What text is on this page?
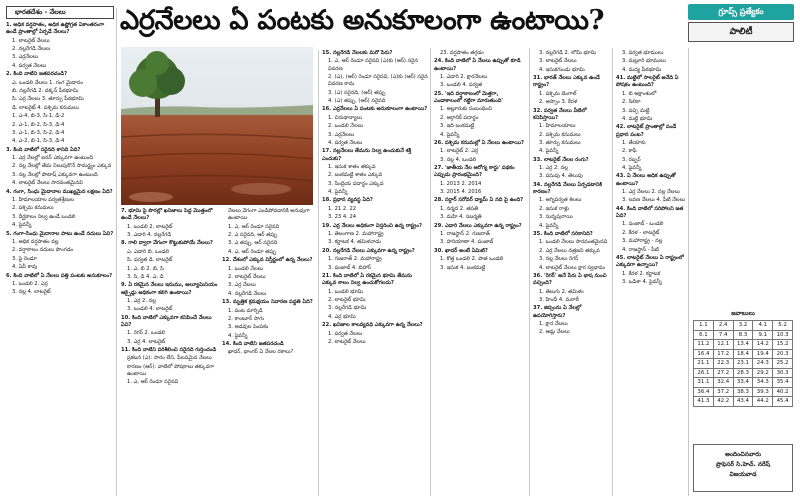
భారతదేశం - నేలలు	ఎర్రనేలలు ఏ పంటకు అనుకూలంగా ఉంటాయి?	గ్రూప్స్ ప్రత్యేకం
పాలిటీ

1. అధిక వర్షపాతం, అధిక ఉష్ణోగ్రత ఏకాంతరంగా ఉండే ప్రాంతాల్లో ఏర్పడే నేలలు?

1. లాటరైట్ నేలలు

2. నల్లరేగడి నేలలు

3. ఎర్రనేలలు

4. పర్వత నేలలు

2. కింది వాటిని జతపరచండి?

ఎ. ఒండలి నేలలు 1. గంగ మైదానం

బి. నల్లరేగడి 2. దక్కన్ పీఠభూమి

సి. ఎర్ర నేలలు 3. తూర్పు పీఠభూమి

డి. లాటరైట్ 4. పశ్చిమ కనుమలు

1. ఎ-4, బి-3, సి-1, డి-2

2. ఎ-1, బి-2, సి-3, డి-4

3. ఎ-1, బి-3, సి-2, డి-4

4. ఎ-2, బి-1, సి-3, డి-4

3. కింది వాటిలో సరైనది కానిది ఏది?

1. ఎర్ర నేలల్లో ఐరన్ ఎక్కువగా ఉంటుంది

2. నల్ల నేలల్లో తేమ నిలుపుకొనే సామర్థ్యం ఎక్కువ

3. నల్ల నేలల్లో పొటాష్ ఎక్కువగా ఉంటుంది

4. లాటరైట్ నేలలు సారవంతమైనవి

4. గంగా, సింధు మైదానాల ముఖ్యమైన లక్షణం ఏది?

1. హిమాలయాల పర్వతశ్రేణుల

2. పశ్చిమ కనుమలు

3. దీర్ఘకాలం నిల్వ ఉండే ఒండలి

4. పైవన్నీ

5. గంగా-సింధు మైదానాల పాటు ఉండే నదులు ఏవి?

1. అధిక వర్షపాతం వల్ల

2. వర్షాకాలం నదులు పొంగడం

3. పై రెండూ

4. ఏవీ కావు

6. కింది వాటిలో ఏ నేలలు పత్తి పంటకు అనుకూలం?

1. ఒండలి 2. ఎర్ర

3. నల్ల 4. లాటరైట్

7. భూమి పై పొరల్లో ఖనిజాలు పెద్ద మొత్తంలో ఉండే నేలలు?

1. ఒండలి 2. లాటరైట్

3. ఎడారి 4. నల్లరేగడి

8. గాలి ద్వారా వేగంగా కొట్టుకుపోయే నేలలు?

ఎ. ఎడారి బి. ఒండలి

సి. పర్వత డి. లాటరైట్

1. ఎ, బి 2. బి, సి

3. సి, డి 4. ఎ, డి

9. ఏ రకమైన నేలలు ఇనుము, అల్యూమినియం ఆక్సైడ్లు అధికంగా కలిగి ఉంటాయి?

1. ఎర్ర 2. నల్ల

3. ఒండలి 4. లాటరైట్

10. కింది వాటిలో ఎక్కువగా కనిపించే నేలలు ఏవి?

1. రెగర్ 2. ఒండలి

3. ఎర్ర 4. లాటరైట్

11. కింది వాటిని పరిశీలించి సరైనది గుర్తించండి

ప్రకటన (ఎ): సారం లేని, పేలవమైన నేలలు

కారణం (ఆర్): వాటిలో పోషకాలు తక్కువగా ఉంటాయి

1. ఎ, ఆర్ రెండూ సరైనవి

నేలలు వేగంగా ఎండిపోవడానికి అనువుగా ఉంటాయి

1. ఎ, ఆర్ రెండూ సరైనవి

2. ఎ సరైనది, ఆర్ తప్పు

3. ఎ తప్పు, ఆర్ సరైనది

4. ఎ, ఆర్ రెండూ తప్పు

12. దేశంలో ఎక్కువ విస్తీర్ణంలో ఉన్న నేలలు?

1. ఒండలి నేలలు

2. లాటరైట్ నేలలు

3. ఎర్ర నేలలు

4. నల్లరేగడి నేలలు

13. మృత్తిక క్రమక్షయం నివారణ పద్ధతి ఏది?

1. పంట మార్పిడి

2. కాంటూర్ సాగు

3. అడవుల పెంపకం

4. పైవన్నీ

14. కింది వాటిని జతపరచండి

ఖాదర్, భాంగర్ ఏ నేలల రకాలు?

15. నల్లరేగడి నేలలకు మరో పేరు?

1. ఎ, ఆర్ రెండూ సరైనవి (ఎ)కు (ఆర్) సరైన వివరణ

2. (ఎ), (ఆర్) రెండూ సరైనవి, (ఎ)కు (ఆర్) సరైన వివరణ కాదు

3. (ఎ) సరైనది, (ఆర్) తప్పు

4. (ఎ) తప్పు, (ఆర్) సరైనది

16. ఎర్రనేలలు ఏ పంటకు అనుకూలంగా ఉంటాయి?

1. చిరుధాన్యాలు

2. ఒండలి నేలలు

3. ఎర్రనేలలు

4. పర్వత నేలలు

17. నల్లనేలలు తేమను నిల్వ ఉంచుకునే శక్తి ఎందుకు?

1. ఇసుక శాతం తక్కువ

2. బంకమట్టి శాతం ఎక్కువ

3. సేంద్రియ పదార్థం ఎక్కువ

4. పైవన్నీ

18. ప్రధాన వ్యవస్థ ఏది?

1. 21 2. 22

3. 23 4. 24

19. ఎర్ర నేలలు అధికంగా విస్తరించి ఉన్న రాష్ట్రం?

1. తెలంగాణ 2. మహారాష్ట్ర

3. కర్ణాటక 4. తమిళనాడు

20. నల్లరేగడి నేలలు ఎక్కువగా ఉన్న రాష్ట్రం?

1. గుజరాత్ 2. మహారాష్ట్ర

3. పంజాబ్ 4. బిహార్

21. కింది వాటిలో ఏ రకమైన భూమి తేమను ఎక్కువ కాలం నిల్వ ఉంచుకోగలదు?

1. ఒండలి భూమి

2. లాటరైట్ భూమి

3. నల్లరేగడి భూమి

4. ఎర్ర భూమి

22. ఖనిజాల కాలవ్యవధి ఎక్కువగా ఉన్న నేలలు?

1. పర్వత నేలలు

2. లాటరైట్ నేలలు

23. వర్షపాతం తగ్గడం

24. కింది వాటిలో ఏ నేలలు ఉప్పుతో కూడి ఉంటాయి?

1. ఎడారి 2. క్షారనేలలు

3. ఒండలి 4. పర్వత

25. 'ఇది వర్షాకాలంలో మెత్తగా, ఎండాకాలంలో గట్టిగా మారుతుంది'

1. అల్లూరుకు సంబంధించి

2. ఆర్గానిక్ పదార్థం

3. ఇది బంకమట్టి

4. పైవన్నీ

26. పశ్చిమ కనుమల్లో ఏ నేలలు ఉంటాయి?

1. లాటరైట్ 2. ఎర్ర

3. నల్ల 4. ఒండలి

27. 'జాతీయ నేల ఆరోగ్య కార్డు' పథకం ఎప్పుడు ప్రారంభమైంది?

1. 2013 2. 2014

3. 2015 4. 2016

28. సర్దార్ సరోవర్ డ్యామ్ ఏ నది పై ఉంది?

1. నర్మద 2. తపతి

3. మహి 4. సబర్మతి

29. ఎడారి నేలలు ఎక్కువగా ఉన్న రాష్ట్రం?

1. రాజస్థాన్ 2. గుజరాత్

3. హరియాణా 4. పంజాబ్

30. ఖాదర్ అంటే ఏమిటి?

1. కొత్త ఒండలి 2. పాత ఒండలి

3. ఇసుక 4. బంకమట్టి

3. నల్లరేగడి 2. లోమీ భూమి

3. లాటరైట్ నేలలు

4. ఇసుకగుండు భూమి

31. భారత్ నేలలు ఎక్కువ ఉండే రాష్ట్రం?

1. పశ్చిమ బెంగాల్

2. అస్సాం 3. కేరళ

32. పర్వత నేలలు వీటిలో కనిపిస్తాయి?

1. హిమాలయాలు

2. పశ్చిమ కనుమలు

3. తూర్పు కనుమలు

4. పైవన్నీ

33. లాటరైట్ నేలల రంగు?

1. ఎర్ర 2. నల్ల

3. పసుపు 4. తెలుపు

34. నల్లరేగడి నేలలు ఏర్పడటానికి కారణం?

1. అగ్నిపర్వత శిలలు

2. ఇసుక రాళ్లు

3. సున్నపురాయి

4. పైవన్నీ

35. కింది వాటిలో సరికానిది?

1. ఒండలి నేలలు సారవంతమైనవి

2. ఎర్ర నేలలు నత్రజని తక్కువ

3. నల్ల నేలలు రెగర్

4. లాటరైట్ నేలలు క్షార స్వభావం

36. 'రెగర్' అనే పేరు ఏ భాష నుంచి వచ్చింది?

1. తెలుగు 2. తమిళం

3. హిందీ 4. మరాఠీ

37. జిప్సంను ఏ నేలల్లో ఉపయోగిస్తారు?

1. క్షార నేలలు

2. ఆమ్ల నేలలు

3. పర్వత భూములు

3. మల్లూరి భూములు

4. మద్య పీఠభూమి

41. మట్టిలో సాలరైట్ అనేది ఏ పోషకం ఉంటుంది?

1. బి అక్షాంశంలో

2. సిలికా

3. పచ్చి మట్టి

4. మట్టి భూమి

42. లాటరైట్ ప్రాంతాల్లో పండే ప్రధాన పంట?

1. తేయాకు

2. కాఫీ

3. రబ్బర్

4. పైవన్నీ

43. ఏ నేలలు అధిక ఉప్పుతో ఉంటాయి?

1. ఎర్ర నేలలు 2. నల్ల నేలలు

3. లవణ నేలలు 4. పీటి నేలలు

44. కింది వాటిలో సరిపోలని జత ఏది?

1. పంజాబ్ - ఒండలి

2. కేరళ - లాటరైట్

3. మహారాష్ట్ర - నల్ల

4. రాజస్థాన్ - పీటి

45. లాటరైట్ నేలలు ఏ రాష్ట్రంలో ఎక్కువగా ఉన్నాయి?

1. కేరళ 2. కర్ణాటక

3. ఒడిశా 4. పైవన్నీ

జవాబులు
1.1	2.4	3.2	4.1	5.2
6.1	7.4	8.3	9.1	10.3
11.2	12.1	13.4	14.2	15.2
16.4	17.2	18.4	19.4	20.3
21.1	22.3	23.1	24.3	25.2
26.1	27.2	28.3	29.2	30.3
31.1	32.4	33.4	34.3	35.4
36.4	37.2	38.3	39.3	40.2
41.3	42.2	43.4	44.2	45.4
అందించినవారు
ప్రొఫెసర్ సి.హెచ్. నరేష్
విజయవాడ
